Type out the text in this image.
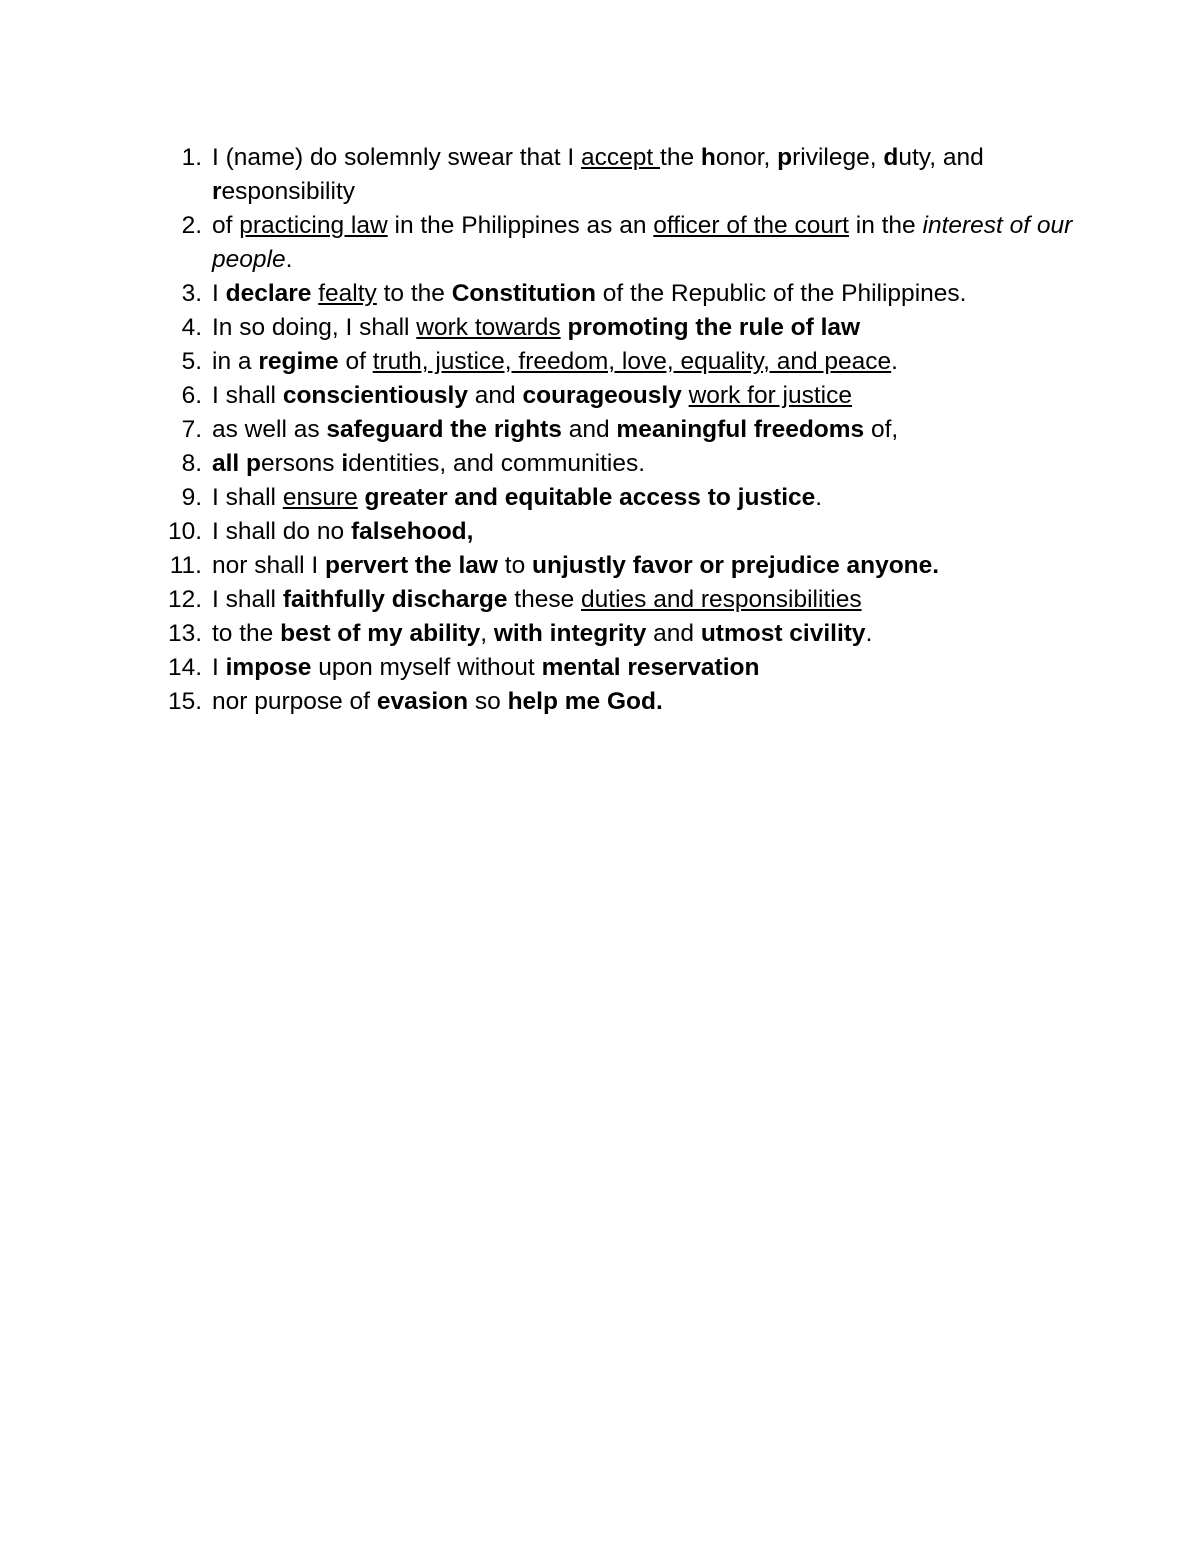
1. I (name) do solemnly swear that I accept the honor, privilege, duty, and responsibility
2. of practicing law in the Philippines as an officer of the court in the interest of our people.
3. I declare fealty to the Constitution of the Republic of the Philippines.
4. In so doing, I shall work towards promoting the rule of law
5. in a regime of truth, justice, freedom, love, equality, and peace.
6. I shall conscientiously and courageously work for justice
7. as well as safeguard the rights and meaningful freedoms of,
8. all persons identities, and communities.
9. I shall ensure greater and equitable access to justice.
10. I shall do no falsehood,
11. nor shall I pervert the law to unjustly favor or prejudice anyone.
12. I shall faithfully discharge these duties and responsibilities
13. to the best of my ability, with integrity and utmost civility.
14. I impose upon myself without mental reservation
15. nor purpose of evasion so help me God.
